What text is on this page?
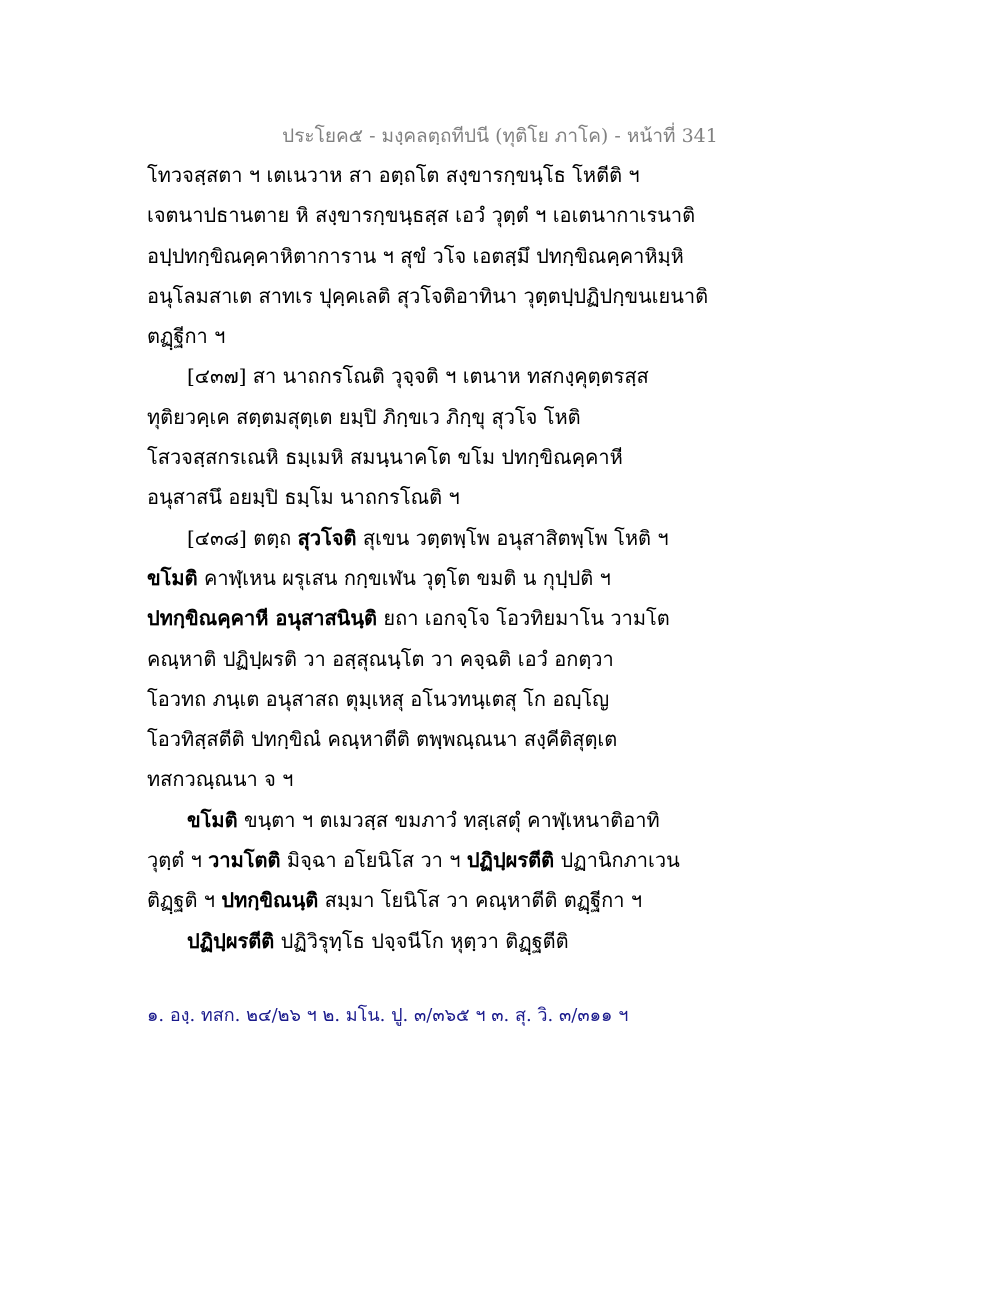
ประโยค๕ - มงฺคลตฺถทีปนี (ทุติโย ภาโค) - หน้าที่ 341
โทวจสฺสตา ฯ เตเนวาห สา อตฺถโต สงฺขารกฺขนฺโธ โหตีติ ฯ
เจตนาปธานตาย หิ สงฺขารกฺขนฺธสฺส เอวํ วุตฺตํ ฯ เอเตนากาเรนาติ
อปฺปทกฺขิณคฺคาหิตาการาน ฯ สุขํ วโจ เอตสฺมึ ปทกฺขิณคฺคาหิมฺหิ
อนุโลมสาเต สาทเร ปุคฺคเลติ สุวโจติอาทินา วุตฺตปฺปฏิปกฺขนเยนาติ
ตฏฺฐีกา ฯ
[๔๓๗] สา นาถกรโณติ วุจฺจติ ฯ เตนาห ทสกงฺคุตฺตรสฺส
ทุติยวคฺเค สตฺตมสุตฺเต ยมฺปิ ภิกฺขเว ภิกฺขุ สุวโจ โหติ
โสวจสฺสกรเณหิ ธมฺเมหิ สมนฺนาคโต ขโม ปทกฺขิณคฺคาหี
อนุสาสนึ อยมฺปิ ธมฺโม นาถกรโณติ ฯ
[๔๓๘] ตตฺถ สุวโจติ สุเขน วตฺตพฺโพ อนุสาสิตพฺโพ โหติ ฯ
ขโมติ คาฬฺเหน ผรุเสน กกฺขเฬน วุตฺโต ขมติ น กุปฺปติ ฯ
ปทกฺขิณคฺคาหี อนุสาสนินฺติ ยถา เอกจฺโจ โอวทิยมาโน วามโต
คณฺหาติ ปฏิปฺผรติ วา อสฺสุณนฺโต วา คจฺฉติ เอวํ อกตฺวา
โอวทถ ภนฺเต อนุสาสถ ตุมฺเหสุ อโนวทนฺเตสุ โก อญฺโญ
โอวทิสฺสตีติ ปทกฺขิณํ คณฺหาตีติ ตพฺพณฺณนา สงฺคีติสุตฺเต
ทสกวณฺณนา จ ฯ
ขโมติ ขนฺตา ฯ ตเมวสฺส ขมภาวํ ทสฺเสตุํ คาฬฺเหนาติอาทิ
วุตฺตํ ฯ วามโตติ มิจฺฉา อโยนิโส วา ฯ ปฏิปฺผรตีติ ปฏานิกภาเวน
ติฏฺฐติ ฯ ปทกฺขิณนฺติ สมฺมา โยนิโส วา คณฺหาตีติ ตฏฺฐีกา ฯ
ปฏิปฺผรตีติ ปฏิวิรุทฺโธ ปจฺจนีโก หุตฺวา ติฏฺฐตีติ
๑. องฺ. ทสก. ๒๔/๒๖ ฯ ๒. มโน. ปู. ๓/๓๖๕ ฯ ๓. สุ. วิ. ๓/๓๑๑ ฯ
